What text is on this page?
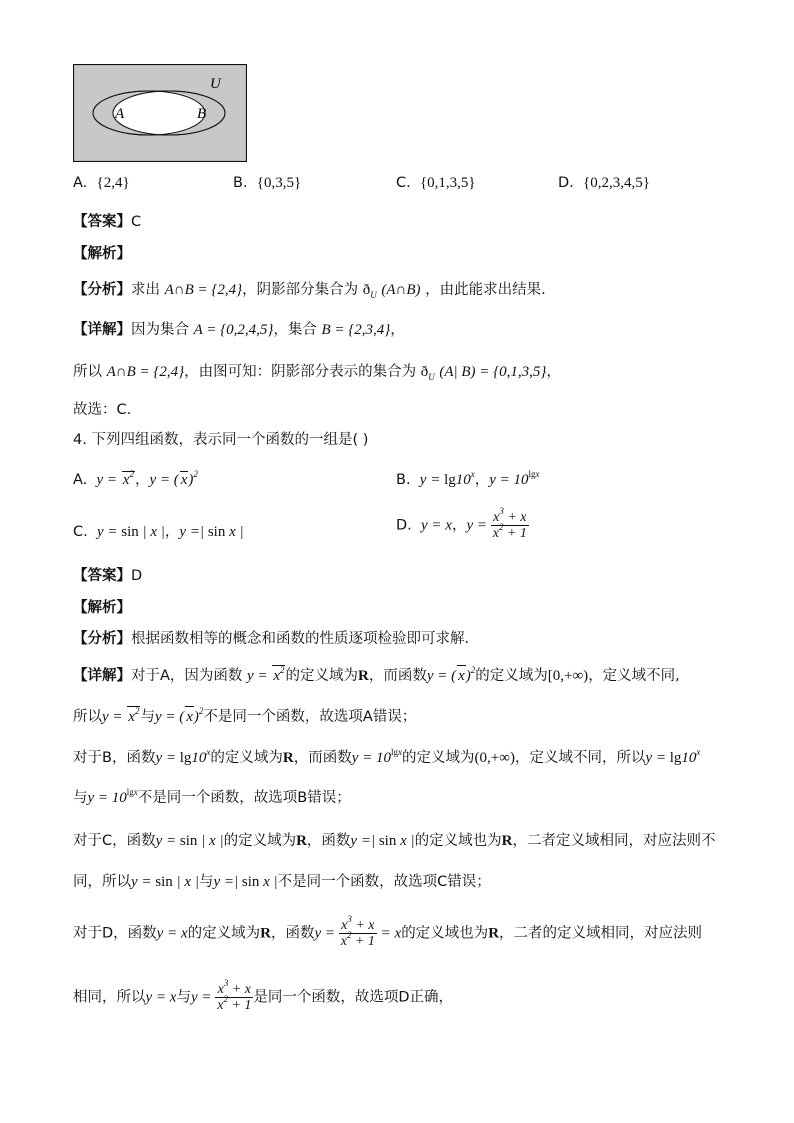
U
A	B
A. {2,4}	B. {0,3,5}	C. {0,1,3,5}	D. {0,2,3,4,5}
【答案】C
【解析】
【分析】求出 A∩B = {2,4}，阴影部分集合为 $ð_U$ (A∩B) ，由此能求出结果.
【详解】因为集合 A = {0,2,4,5}，集合 B = {2,3,4}，
所以 A∩B = {2,4}，由图可知：阴影部分表示的集合为 $ð_U$ (A| B) = {0,1,3,5}，
故选：C.
4. 下列四组函数，表示同一个函数的一组是( )
A. $y = x^2$，y = ( x)$^2$	B. $y = \lg 10^x$，$y = 10^{lgx}$
C. y = sin | x |，y =| sin x |	D. y = x，$y = \frac{x^3 + x}{x^2 + 1}$
【答案】D
【解析】
【分析】根据函数相等的概念和函数的性质逐项检验即可求解.
【详解】对于A，因为函数 $y = x^2$的定义域为R，而函数y = ( x)$^2$的定义域为[0,+∞)，定义域不同,
所以$y = x^2$与y = ( x)$^2$不是同一个函数，故选项A错误；
对于B，函数$y = \lg 10^x$的定义域为R，而函数$y = 10^{lgx}$的定义域为(0,+∞)，定义域不同，所以$y = \lg 10^x$
与$y = 10^{lgx}$不是同一个函数，故选项B错误；
对于C，函数y = sin | x |的定义域为R，函数y =| sin x |的定义域也为R，二者定义域相同，对应法则不
同，所以y = sin | x |与y =| sin x |不是同一个函数，故选项C错误；
对于D，函数y = x的定义域为R，函数$y = \frac{x^3 + x}{x^2 + 1} = x$的定义域也为R，二者的定义域相同，对应法则
相同，所以y = x与$y = \frac{x^3 + x}{x^2 + 1}$ 是同一个函数，故选项D正确，
